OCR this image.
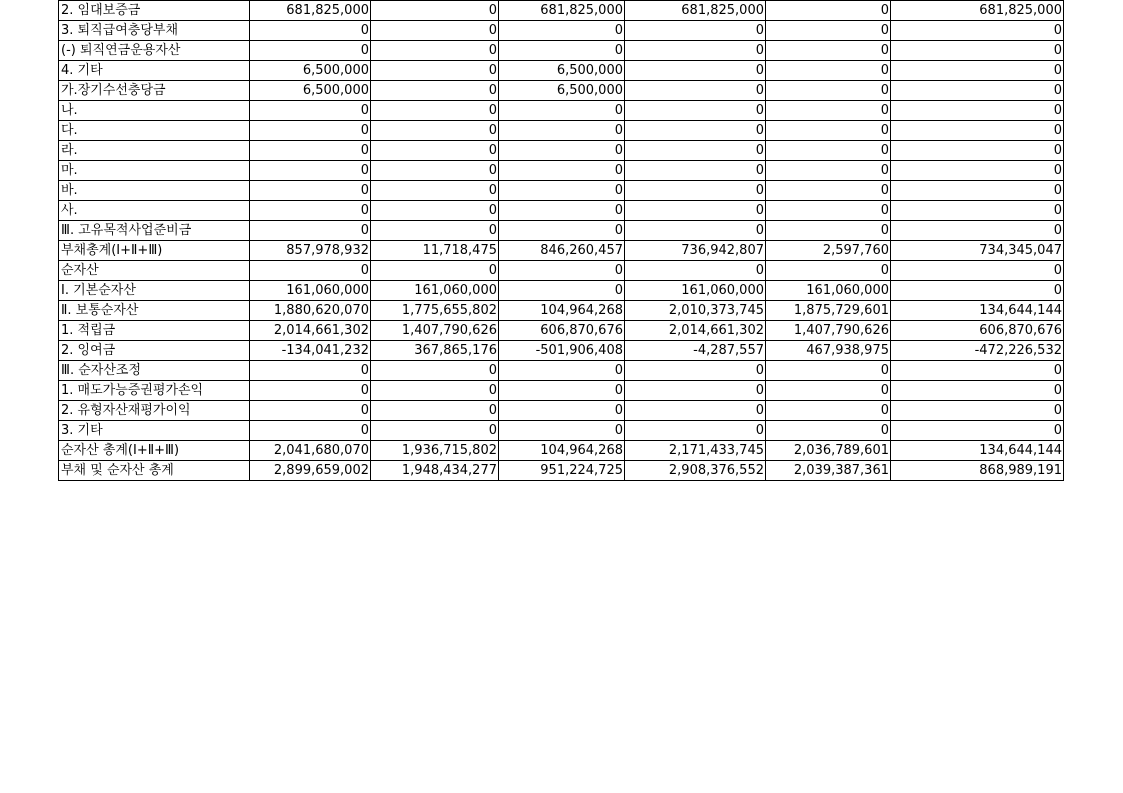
2. 임대보증금	681,825,000	0	681,825,000	681,825,000	0	681,825,000
3. 퇴직급여충당부채	0	0	0	0	0	0
(-) 퇴직연금운용자산	0	0	0	0	0	0
4. 기타	6,500,000	0	6,500,000	0	0	0
가.장기수선충당금	6,500,000	0	6,500,000	0	0	0
나.	0	0	0	0	0	0
다.	0	0	0	0	0	0
라.	0	0	0	0	0	0
마.	0	0	0	0	0	0
바.	0	0	0	0	0	0
사.	0	0	0	0	0	0
Ⅲ. 고유목적사업준비금	0	0	0	0	0	0
부채총계(Ⅰ+Ⅱ+Ⅲ)	857,978,932	11,718,475	846,260,457	736,942,807	2,597,760	734,345,047
순자산	0	0	0	0	0	0
Ⅰ. 기본순자산	161,060,000	161,060,000	0	161,060,000	161,060,000	0
Ⅱ. 보통순자산	1,880,620,070	1,775,655,802	104,964,268	2,010,373,745	1,875,729,601	134,644,144
1. 적립금	2,014,661,302	1,407,790,626	606,870,676	2,014,661,302	1,407,790,626	606,870,676
2. 잉여금	-134,041,232	367,865,176	-501,906,408	-4,287,557	467,938,975	-472,226,532
Ⅲ. 순자산조정	0	0	0	0	0	0
1. 매도가능증권평가손익	0	0	0	0	0	0
2. 유형자산재평가이익	0	0	0	0	0	0
3. 기타	0	0	0	0	0	0
순자산 총계(Ⅰ+Ⅱ+Ⅲ)	2,041,680,070	1,936,715,802	104,964,268	2,171,433,745	2,036,789,601	134,644,144
부채 및 순자산 총계	2,899,659,002	1,948,434,277	951,224,725	2,908,376,552	2,039,387,361	868,989,191
